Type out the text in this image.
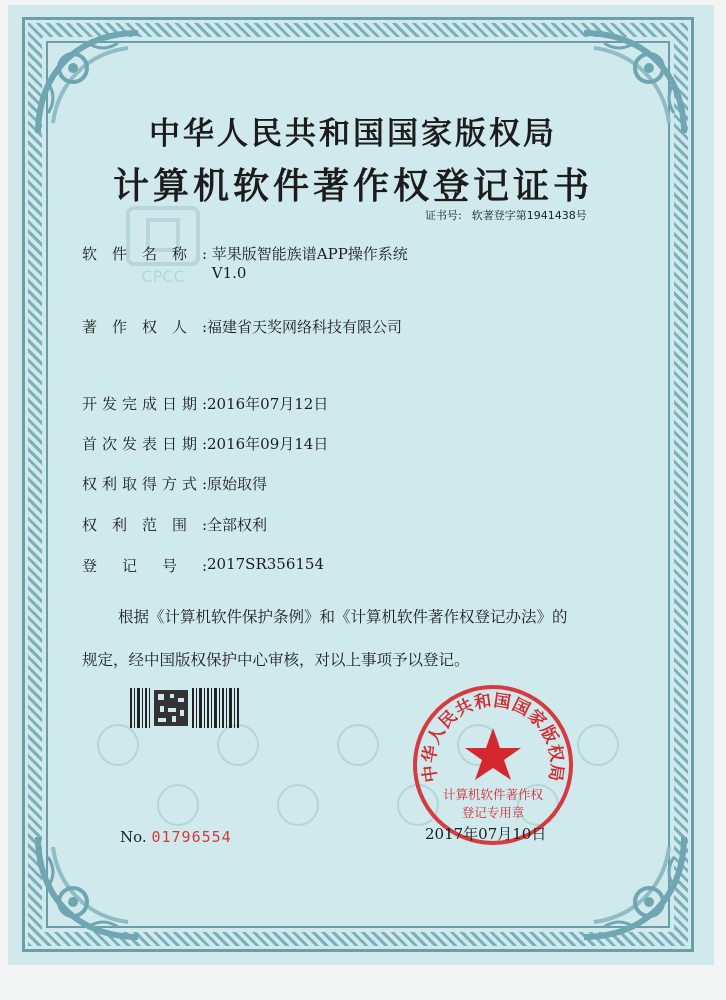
CPCC
中华人民共和国国家版权局
计算机软件著作权登记证书
证书号: 软著登字第1941438号
软件名称: 苹果版智能族谱APP操作系统
V1.0
著作权人:福建省天奖网络科技有限公司
开发完成日期:2016年07月12日
首次发表日期:2016年09月14日
权利取得方式:原始取得
权利范围:全部权利
登记号:2017SR356154
根据《计算机软件保护条例》和《计算机软件著作权登记办法》的
规定，经中国版权保护中心审核，对以上事项予以登记。
No. 01796554
中华人民共和国国家版权局
计算机软件著作权
登记专用章
2017年07月10日
